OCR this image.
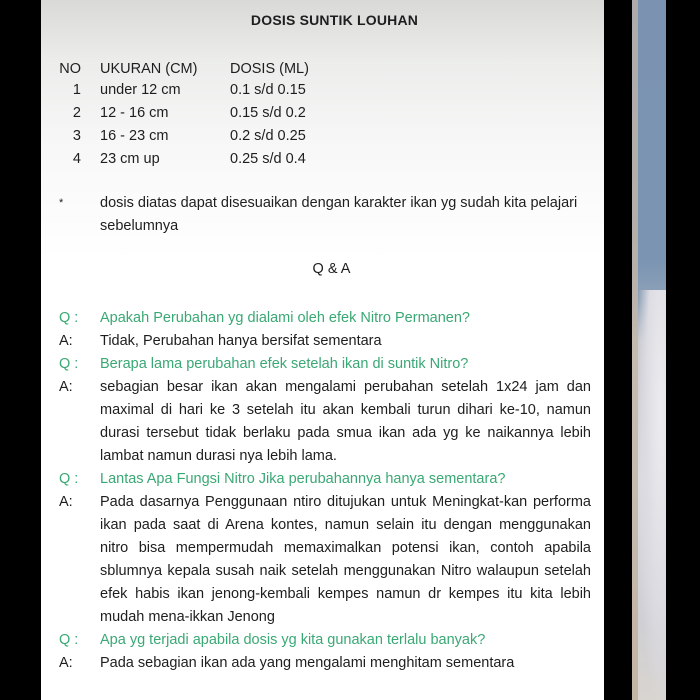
DOSIS SUNTIK LOUHAN
NO UKURAN (CM) DOSIS (ML)
1 under 12 cm	0.1 s/d 0.15
2 12 - 16 cm	0.15 s/d 0.2
3 16 - 23 cm	0.2 s/d 0.25
4 23 cm up	0.25 s/d 0.4
*	dosis diatas dapat disesuaikan dengan karakter ikan yg sudah kita pelajari sebelumnya
Q & A
Q : Apakah Perubahan yg dialami oleh efek Nitro Permanen?
A: Tidak, Perubahan hanya bersifat sementara
Q : Berapa lama perubahan efek setelah ikan di suntik Nitro?
A: sebagian besar ikan akan mengalami perubahan setelah 1x24 jam dan maximal di hari ke 3 setelah itu akan kembali turun dihari ke-10, namun durasi tersebut tidak berlaku pada smua ikan ada yg ke naikannya lebih lambat namun durasi nya lebih lama.
Q : Lantas Apa Fungsi Nitro Jika perubahannya hanya sementara?
A: Pada dasarnya Penggunaan ntiro ditujukan untuk Meningkat-kan performa ikan pada saat di Arena kontes, namun selain itu dengan menggunakan nitro bisa mempermudah memaximalkan potensi ikan, contoh apabila sblumnya kepala susah naik setelah menggunakan Nitro walaupun setelah efek habis ikan jenong-kembali kempes namun dr kempes itu kita lebih mudah mena-ikkan Jenong
Q : Apa yg terjadi apabila dosis yg kita gunakan terlalu banyak?
A: Pada sebagian ikan ada yang mengalami menghitam sementara
